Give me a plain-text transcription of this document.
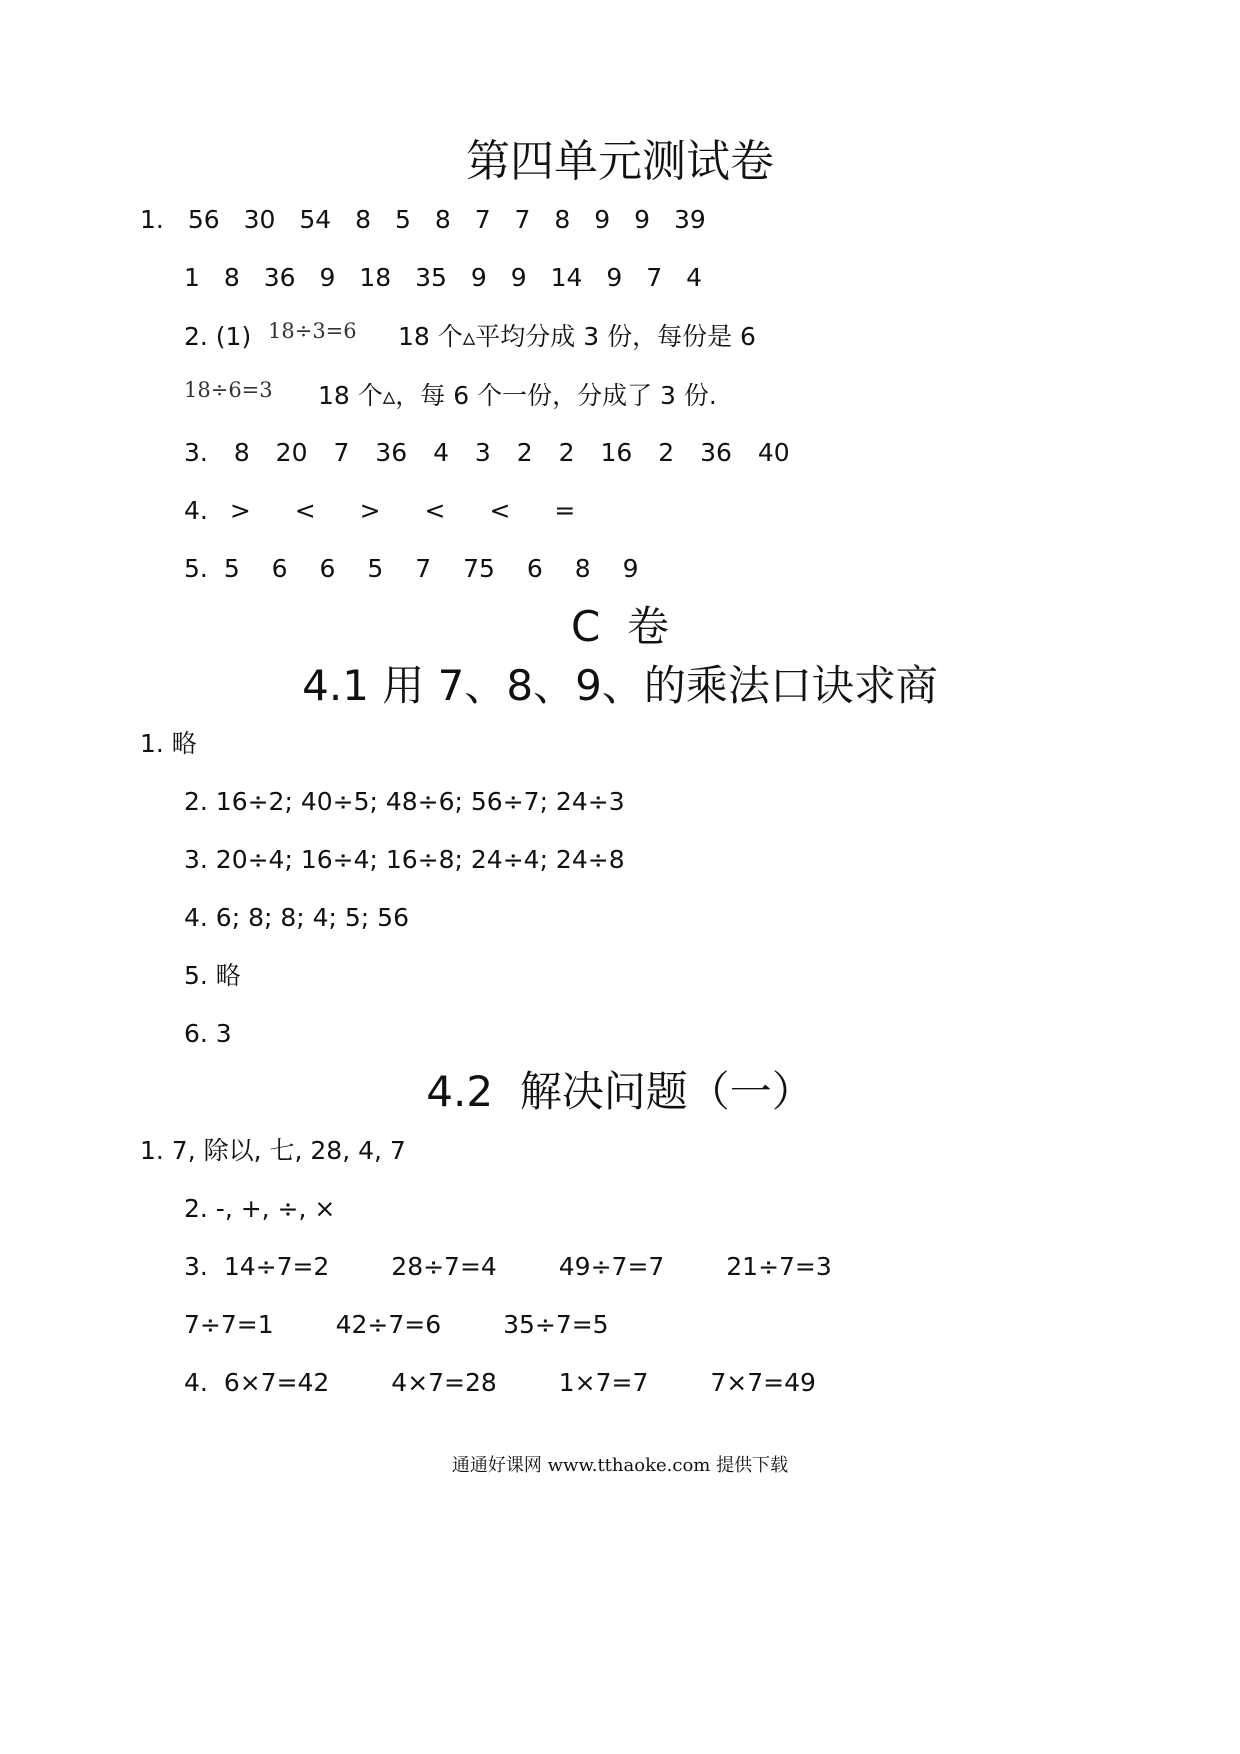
第四单元测试卷
1. 56 30 54 8 5 8 7 7 8 9 9 39
1 8 36 9 18 35 9 9 14 9 7 4
2. (1) 18÷3=6 18 个▵平均分成 3 份，每份是 6
18÷6=3 18 个▵，每 6 个一份，分成了 3 份.
3. 8 20 7 36 4 3 2 2 16 2 36 40
4. > < > < < =
5. 5 6 6 5 7 75 6 8 9
C  卷
4.1 用 7、8、9、的乘法口诀求商
1. 略
2. 16÷2; 40÷5; 48÷6; 56÷7; 24÷3
3. 20÷4; 16÷4; 16÷8; 24÷4; 24÷8
4. 6; 8; 8; 4; 5; 56
5. 略
6. 3
4.2  解决问题（一）
1. 7, 除以, 七, 28, 4, 7
2. -, +, ÷, ×
3. 14÷7=2 28÷7=4 49÷7=7 21÷7=3
7÷7=1 42÷7=6 35÷7=5
4. 6×7=42 4×7=28 1×7=7 7×7=49
通通好课网 www.tthaoke.com 提供下载
